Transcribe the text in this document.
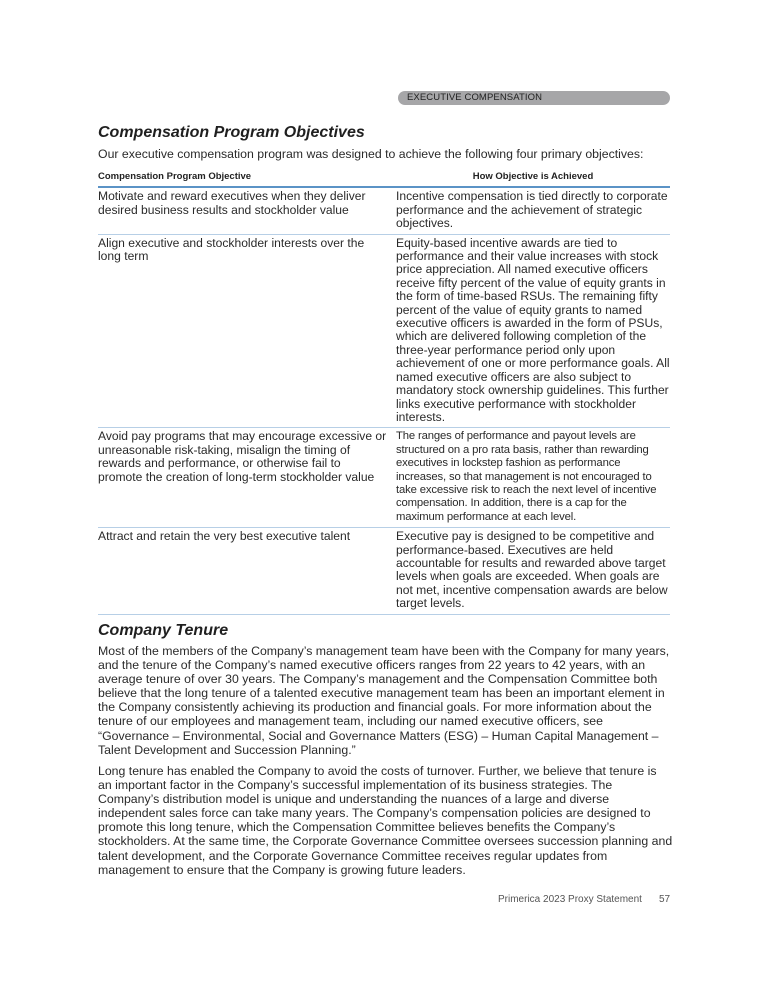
EXECUTIVE COMPENSATION
Compensation Program Objectives
Our executive compensation program was designed to achieve the following four primary objectives:
Compensation Program Objective	How Objective is Achieved
Motivate and reward executives when they deliver desired business results and stockholder value	Incentive compensation is tied directly to corporate performance and the achievement of strategic objectives.
Align executive and stockholder interests over the long term	Equity-based incentive awards are tied to performance and their value increases with stock price appreciation. All named executive officers receive fifty percent of the value of equity grants in the form of time-based RSUs. The remaining fifty percent of the value of equity grants to named executive officers is awarded in the form of PSUs, which are delivered following completion of the three-year performance period only upon achievement of one or more performance goals. All named executive officers are also subject to mandatory stock ownership guidelines. This further links executive performance with stockholder interests.
Avoid pay programs that may encourage excessive or unreasonable risk-taking, misalign the timing of rewards and performance, or otherwise fail to promote the creation of long-term stockholder value	The ranges of performance and payout levels are structured on a pro rata basis, rather than rewarding executives in lockstep fashion as performance increases, so that management is not encouraged to take excessive risk to reach the next level of incentive compensation. In addition, there is a cap for the maximum performance at each level.
Attract and retain the very best executive talent	Executive pay is designed to be competitive and performance-based. Executives are held accountable for results and rewarded above target levels when goals are exceeded. When goals are not met, incentive compensation awards are below target levels.
Company Tenure

Most of the members of the Company’s management team have been with the Company for many years, and the tenure of the Company’s named executive officers ranges from 22 years to 42 years, with an average tenure of over 30 years. The Company’s management and the Compensation Committee both believe that the long tenure of a talented executive management team has been an important element in the Company consistently achieving its production and financial goals. For more information about the tenure of our employees and management team, including our named executive officers, see “Governance – Environmental, Social and Governance Matters (ESG) – Human Capital Management – Talent Development and Succession Planning.”

Long tenure has enabled the Company to avoid the costs of turnover. Further, we believe that tenure is an important factor in the Company’s successful implementation of its business strategies. The Company’s distribution model is unique and understanding the nuances of a large and diverse independent sales force can take many years. The Company’s compensation policies are designed to promote this long tenure, which the Compensation Committee believes benefits the Company’s stockholders. At the same time, the Corporate Governance Committee oversees succession planning and talent development, and the Corporate Governance Committee receives regular updates from management to ensure that the Company is growing future leaders.

Primerica 2023 Proxy Statement 57
